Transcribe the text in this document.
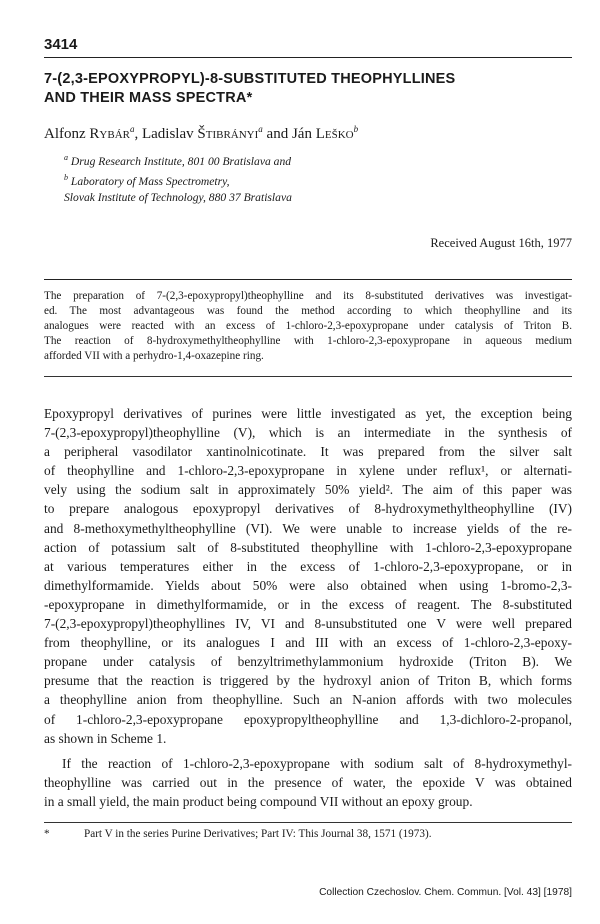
3414
7-(2,3-EPOXYPROPYL)-8-SUBSTITUTED THEOPHYLLINES
AND THEIR MASS SPECTRA*
Alfonz Rybár$^a$, Ladislav Štibrányi$^a$ and Ján Leško$^b$
$^a$ Drug Research Institute, 801 00 Bratislava and
$^b$ Laboratory of Mass Spectrometry,
Slovak Institute of Technology, 880 37 Bratislava
Received August 16th, 1977
The preparation of 7-(2,3-epoxypropyl)theophylline and its 8-substituted derivatives was investigat-
ed. The most advantageous was found the method according to which theophylline and its
analogues were reacted with an excess of 1-chloro-2,3-epoxypropane under catalysis of Triton B.
The reaction of 8-hydroxymethyltheophylline with 1-chloro-2,3-epoxypropane in aqueous medium
afforded VII with a perhydro-1,4-oxazepine ring.
Epoxypropyl derivatives of purines were little investigated as yet, the exception being
7-(2,3-epoxypropyl)theophylline (V), which is an intermediate in the synthesis of
a peripheral vasodilator xantinolnicotinate. It was prepared from the silver salt
of theophylline and 1-chloro-2,3-epoxypropane in xylene under reflux¹, or alternati-
vely using the sodium salt in approximately 50% yield². The aim of this paper was
to prepare analogous epoxypropyl derivatives of 8-hydroxymethyltheophylline (IV)
and 8-methoxymethyltheophylline (VI). We were unable to increase yields of the re-
action of potassium salt of 8-substituted theophylline with 1-chloro-2,3-epoxypropane
at various temperatures either in the excess of 1-chloro-2,3-epoxypropane, or in
dimethylformamide. Yields about 50% were also obtained when using 1-bromo-2,3-
-epoxypropane in dimethylformamide, or in the excess of reagent. The 8-substituted
7-(2,3-epoxypropyl)theophyllines IV, VI and 8-unsubstituted one V were well prepared
from theophylline, or its analogues I and III with an excess of 1-chloro-2,3-epoxy-
propane under catalysis of benzyltrimethylammonium hydroxide (Triton B). We
presume that the reaction is triggered by the hydroxyl anion of Triton B, which forms
a theophylline anion from theophylline. Such an N-anion affords with two molecules
of 1-chloro-2,3-epoxypropane epoxypropyltheophylline and 1,3-dichloro-2-propanol,
as shown in Scheme 1.
If the reaction of 1-chloro-2,3-epoxypropane with sodium salt of 8-hydroxymethyl-
theophylline was carried out in the presence of water, the epoxide V was obtained
in a small yield, the main product being compound VII without an epoxy group.
*	Part V in the series Purine Derivatives; Part IV: This Journal 38, 1571 (1973).
Collection Czechoslov. Chem. Commun. [Vol. 43] [1978]
